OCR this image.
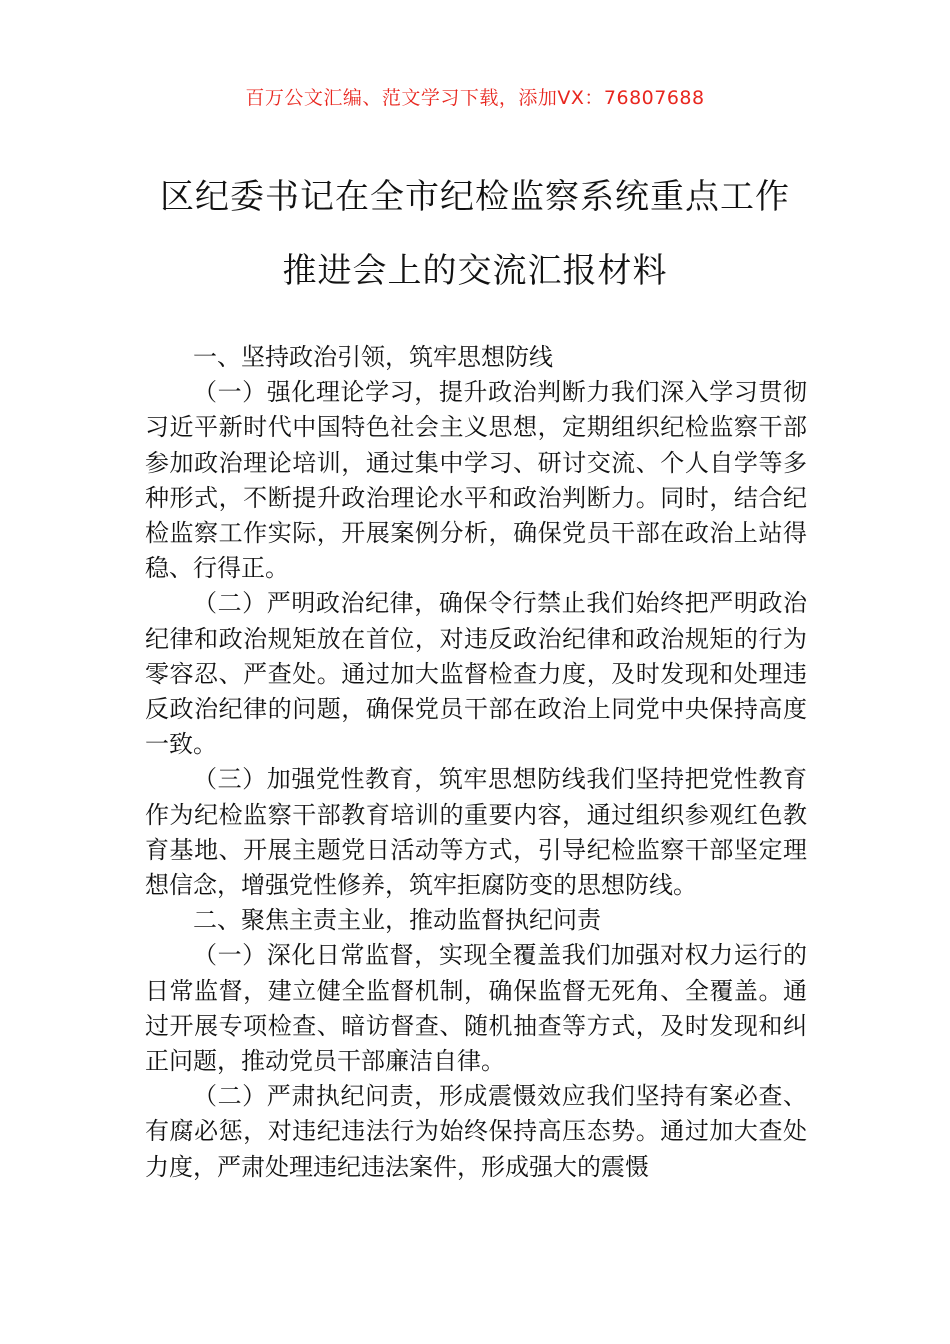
百万公文汇编、范文学习下载，添加VX：76807688
区纪委书记在全市纪检监察系统重点工作
推进会上的交流汇报材料

一、坚持政治引领，筑牢思想防线

（一）强化理论学习，提升政治判断力我们深入学习贯彻习近平新时代中国特色社会主义思想，定期组织纪检监察干部参加政治理论培训，通过集中学习、研讨交流、个人自学等多种形式，不断提升政治理论水平和政治判断力。同时，结合纪检监察工作实际，开展案例分析，确保党员干部在政治上站得稳、行得正。

（二）严明政治纪律，确保令行禁止我们始终把严明政治纪律和政治规矩放在首位，对违反政治纪律和政治规矩的行为零容忍、严查处。通过加大监督检查力度，及时发现和处理违反政治纪律的问题，确保党员干部在政治上同党中央保持高度一致。

（三）加强党性教育，筑牢思想防线我们坚持把党性教育作为纪检监察干部教育培训的重要内容，通过组织参观红色教育基地、开展主题党日活动等方式，引导纪检监察干部坚定理想信念，增强党性修养，筑牢拒腐防变的思想防线。

二、聚焦主责主业，推动监督执纪问责

（一）深化日常监督，实现全覆盖我们加强对权力运行的日常监督，建立健全监督机制，确保监督无死角、全覆盖。通过开展专项检查、暗访督查、随机抽查等方式，及时发现和纠正问题，推动党员干部廉洁自律。

（二）严肃执纪问责，形成震慑效应我们坚持有案必查、有腐必惩，对违纪违法行为始终保持高压态势。通过加大查处力度，严肃处理违纪违法案件，形成强大的震慑
